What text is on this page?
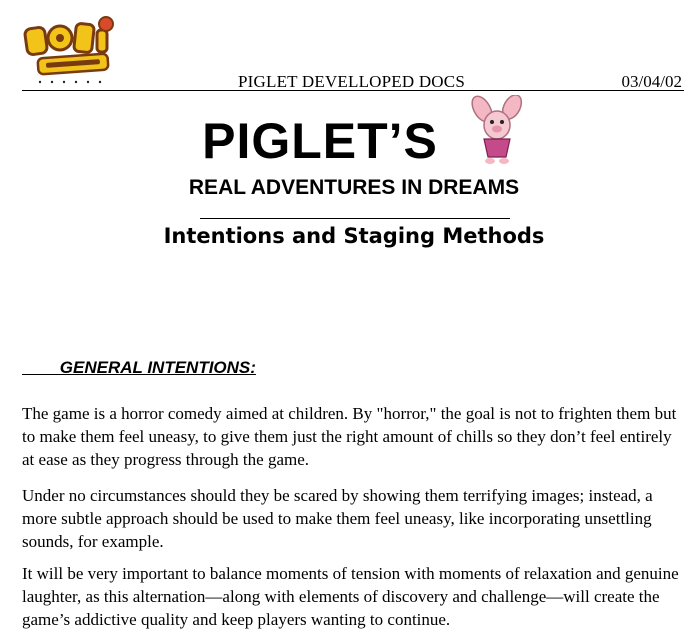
PIGLET DEVELLOPED DOCS	03/04/02
PIGLET’S
REAL ADVENTURES IN DREAMS
Intentions and Staging Methods
GENERAL INTENTIONS:

The game is a horror comedy aimed at children. By "horror," the goal is not to frighten them but to make them feel uneasy, to give them just the right amount of chills so they don’t feel entirely at ease as they progress through the game.

Under no circumstances should they be scared by showing them terrifying images; instead, a more subtle approach should be used to make them feel uneasy, like incorporating unsettling sounds, for example.

It will be very important to balance moments of tension with moments of relaxation and genuine laughter, as this alternation—along with elements of discovery and challenge—will create the game’s addictive quality and keep players wanting to continue.
